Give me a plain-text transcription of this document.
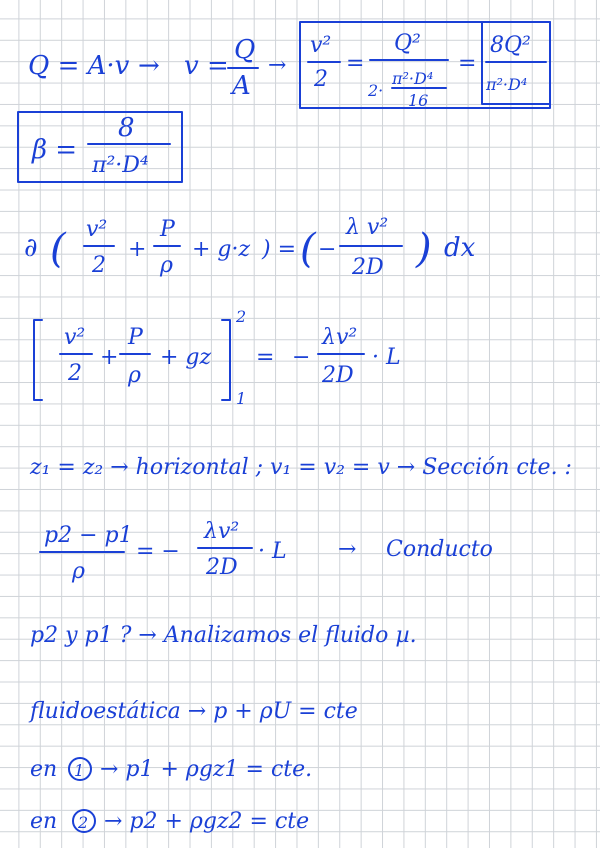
Q = A·v → v =
Q
A
→
v²
2
=
Q²
2·
π²·D⁴
16
=
8Q²
π²·D⁴
β =
8
π²·D⁴
∂ ( v²
2
+
P
ρ
+ g·z ) = ( −
λ v²
2D ) dx
v²
2
+
P
ρ
+ gz
2
1
= −
λv²
2D
· L
z₁ = z₂ → horizontal ; v₁ = v₂ = v → Sección cte. :
p2 − p1
ρ
= −
λv²
2D
· L → Conducto
p2 y p1 ? → Analizamos el fluido µ.
fluidoestática → p + ρU = cte
en 1 → p1 + ρgz1 = cte.
en 2 → p2 + ρgz2 = cte
